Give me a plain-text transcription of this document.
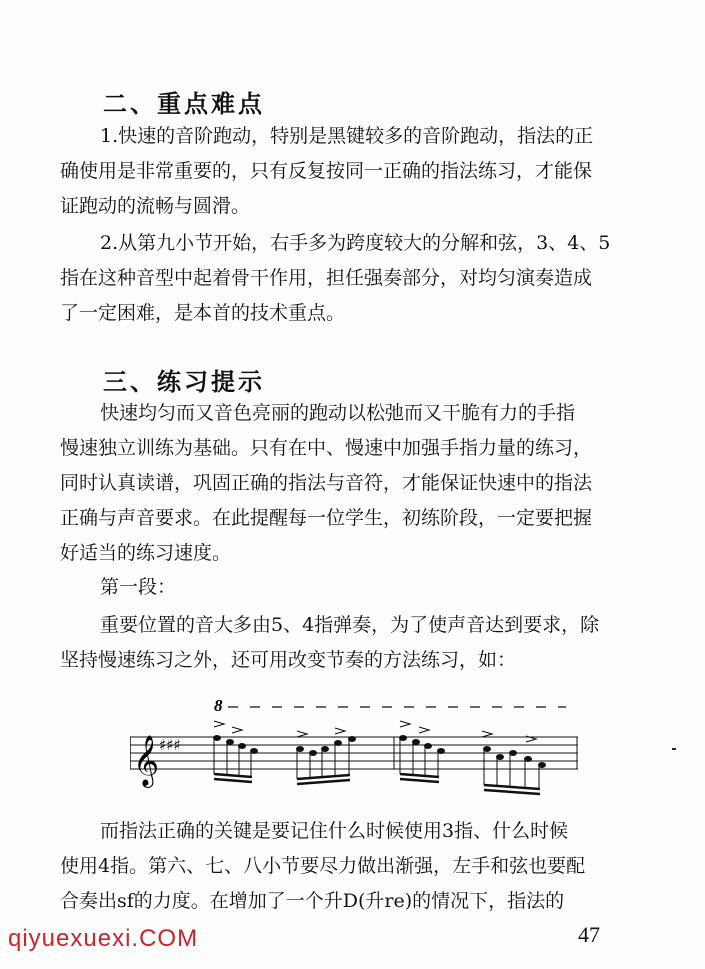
二、重点难点
1.快速的音阶跑动，特别是黑键较多的音阶跑动，指法的正
确使用是非常重要的，只有反复按同一正确的指法练习，才能保
证跑动的流畅与圆滑。
2.从第九小节开始，右手多为跨度较大的分解和弦，3、4、5
指在这种音型中起着骨干作用，担任强奏部分，对均匀演奏造成
了一定困难，是本首的技术重点。
三、练习提示
快速均匀而又音色亮丽的跑动以松弛而又干脆有力的手指
慢速独立训练为基础。只有在中、慢速中加强手指力量的练习，
同时认真读谱，巩固正确的指法与音符，才能保证快速中的指法
正确与声音要求。在此提醒每一位学生，初练阶段，一定要把握
好适当的练习速度。
第一段：
重要位置的音大多由5、4指弹奏，为了使声音达到要求，除
坚持慢速练习之外，还可用改变节奏的方法练习，如：
8
𝄞 ♯♯♯
而指法正确的关键是要记住什么时候使用3指、什么时候
使用4指。第六、七、八小节要尽力做出渐强，左手和弦也要配
合奏出sf的力度。在增加了一个升D(升re)的情况下，指法的
qiyuexuexi.COM	47
